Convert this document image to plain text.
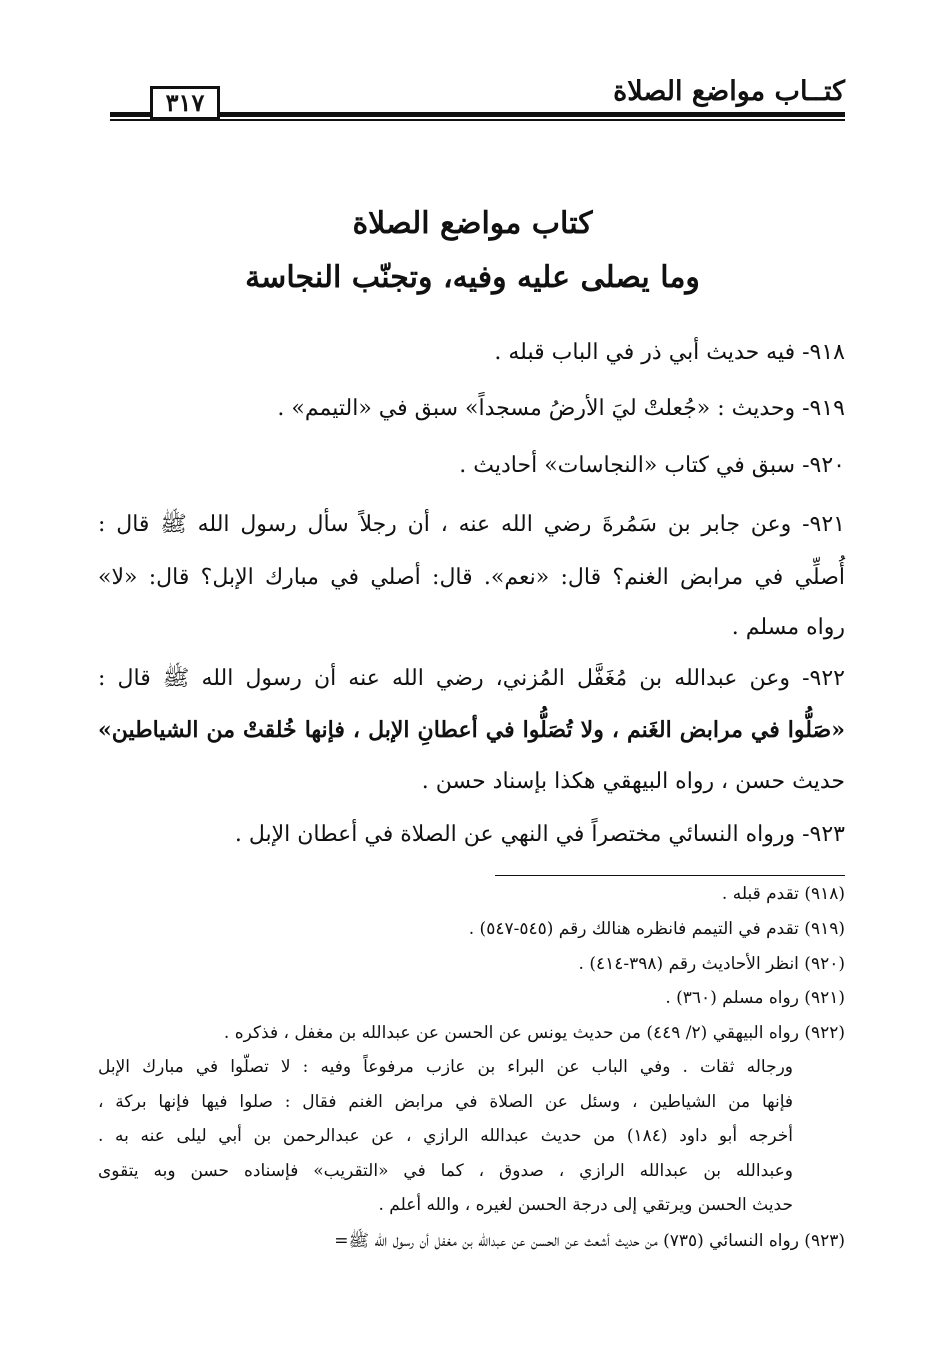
كتــاب مواضع الصلاة
٣١٧
كتاب مواضع الصلاة
وما يصلى عليه وفيه، وتجنّب النجاسة
٩١٨- فيه حديث أبي ذر في الباب قبله .
٩١٩- وحديث : «جُعلتْ ليَ الأرضُ مسجداً» سبق في «التيمم» .
٩٢٠- سبق في كتاب «النجاسات» أحاديث .
٩٢١- وعن جابر بن سَمُرةَ رضي الله عنه ، أن رجلاً سأل رسول الله ﷺ قال :
أُصلِّي في مرابض الغنم؟ قال: «نعم». قال: أصلي في مبارك الإبل؟ قال: «لا»
رواه مسلم .
٩٢٢- وعن عبدالله بن مُغَفَّل المُزني، رضي الله عنه أن رسول الله ﷺ قال :
«صَلُّوا في مرابض الغَنم ، ولا تُصَلُّوا في أعطانِ الإبل ، فإنها خُلقتْ من الشياطين»
حديث حسن ، رواه البيهقي هكذا بإسناد حسن .
٩٢٣- ورواه النسائي مختصراً في النهي عن الصلاة في أعطان الإبل .
(٩١٨) تقدم قبله .
(٩١٩) تقدم في التيمم فانظره هنالك رقم (٥٤٥-٥٤٧) .
(٩٢٠) انظر الأحاديث رقم (٣٩٨-٤١٤) .
(٩٢١) رواه مسلم (٣٦٠) .
(٩٢٢) رواه البيهقي (٢/ ٤٤٩) من حديث يونس عن الحسن عن عبدالله بن مغفل ، فذكره .
ورجاله ثقات . وفي الباب عن البراء بن عازب مرفوعاً وفيه : لا تصلّوا في مبارك الإبل
فإنها من الشياطين ، وسئل عن الصلاة في مرابض الغنم فقال : صلوا فيها فإنها بركة ،
أخرجه أبو داود (١٨٤) من حديث عبدالله الرازي ، عن عبدالرحمن بن أبي ليلى عنه به .
وعبدالله بن عبدالله الرازي ، صدوق ، كما في «التقريب» فإسناده حسن وبه يتقوى
حديث الحسن ويرتقي إلى درجة الحسن لغيره ، والله أعلم .
(٩٢٣) رواه النسائي (٧٣٥) من حديث أشعث عن الحسن عن عبدالله بن مغفل أن رسول الله ﷺ=
